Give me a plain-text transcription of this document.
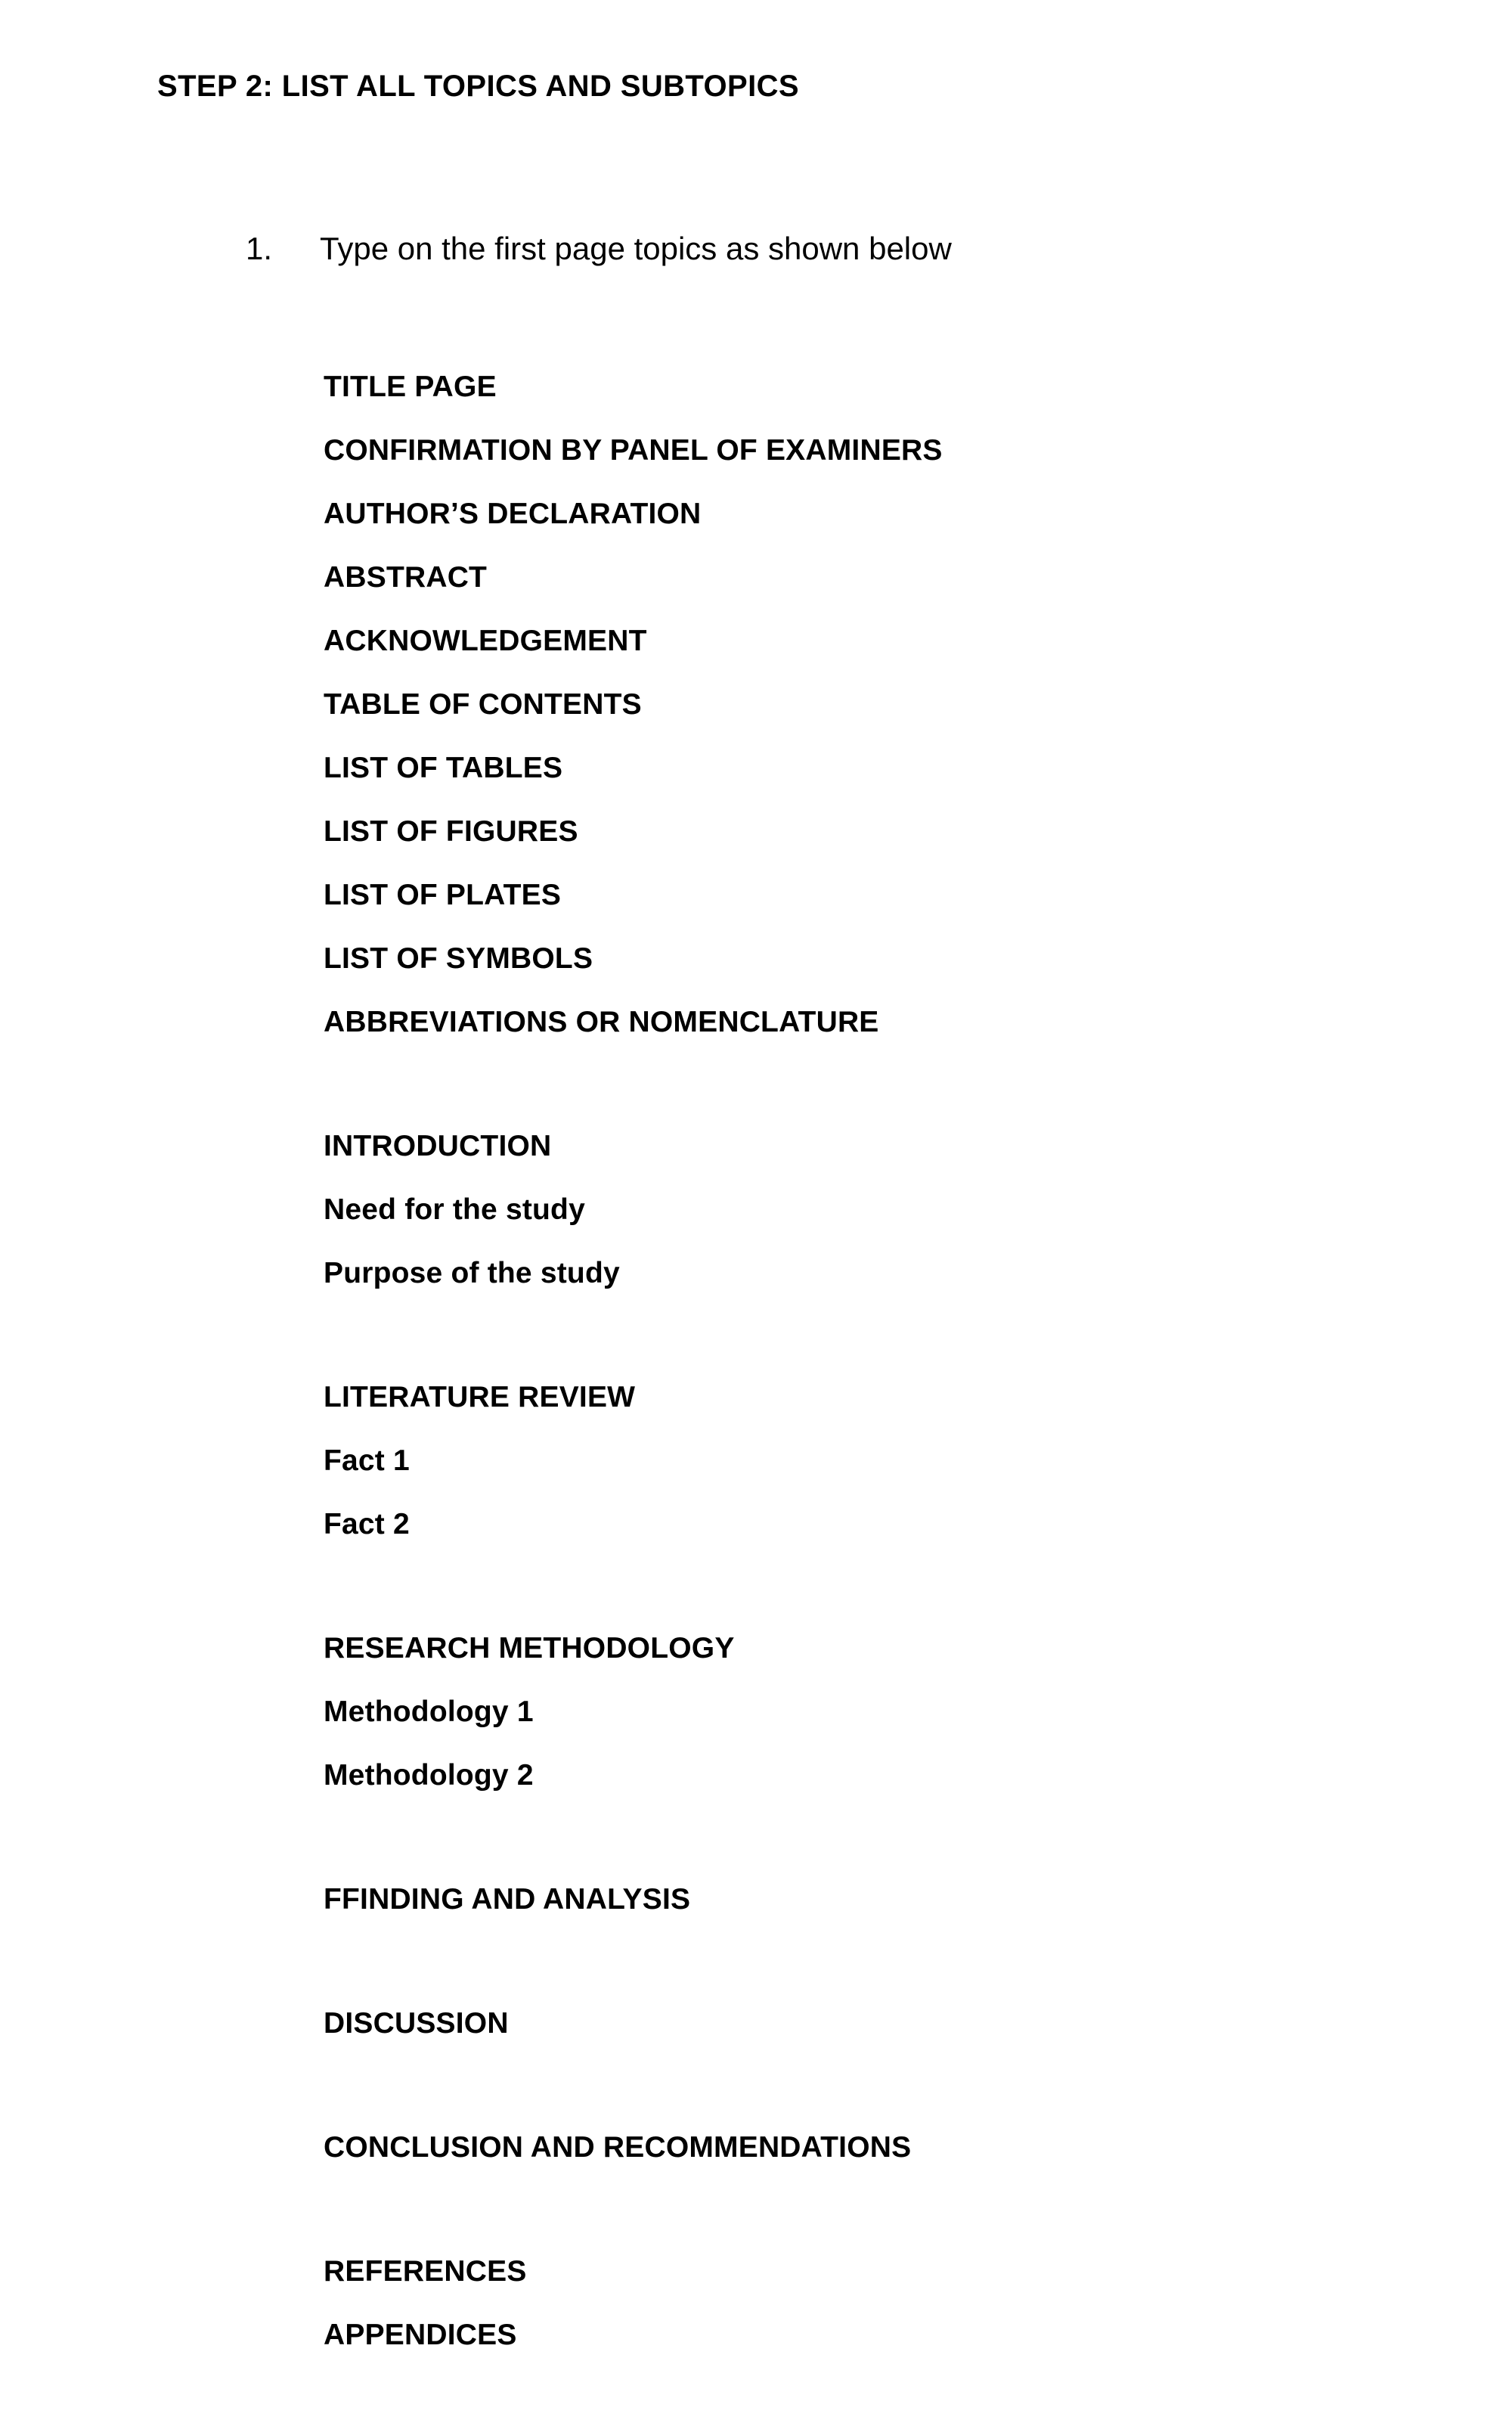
STEP 2: LIST ALL TOPICS AND SUBTOPICS
1.	Type on the first page topics as shown below
TITLE PAGE
CONFIRMATION BY PANEL OF EXAMINERS
AUTHOR’S DECLARATION
ABSTRACT
ACKNOWLEDGEMENT
TABLE OF CONTENTS
LIST OF TABLES
LIST OF FIGURES
LIST OF PLATES
LIST OF SYMBOLS
ABBREVIATIONS OR NOMENCLATURE
INTRODUCTION
Need for the study
Purpose of the study
LITERATURE REVIEW
Fact 1
Fact 2
RESEARCH METHODOLOGY
Methodology 1
Methodology 2
FFINDING AND ANALYSIS
DISCUSSION
CONCLUSION AND RECOMMENDATIONS
REFERENCES
APPENDICES
